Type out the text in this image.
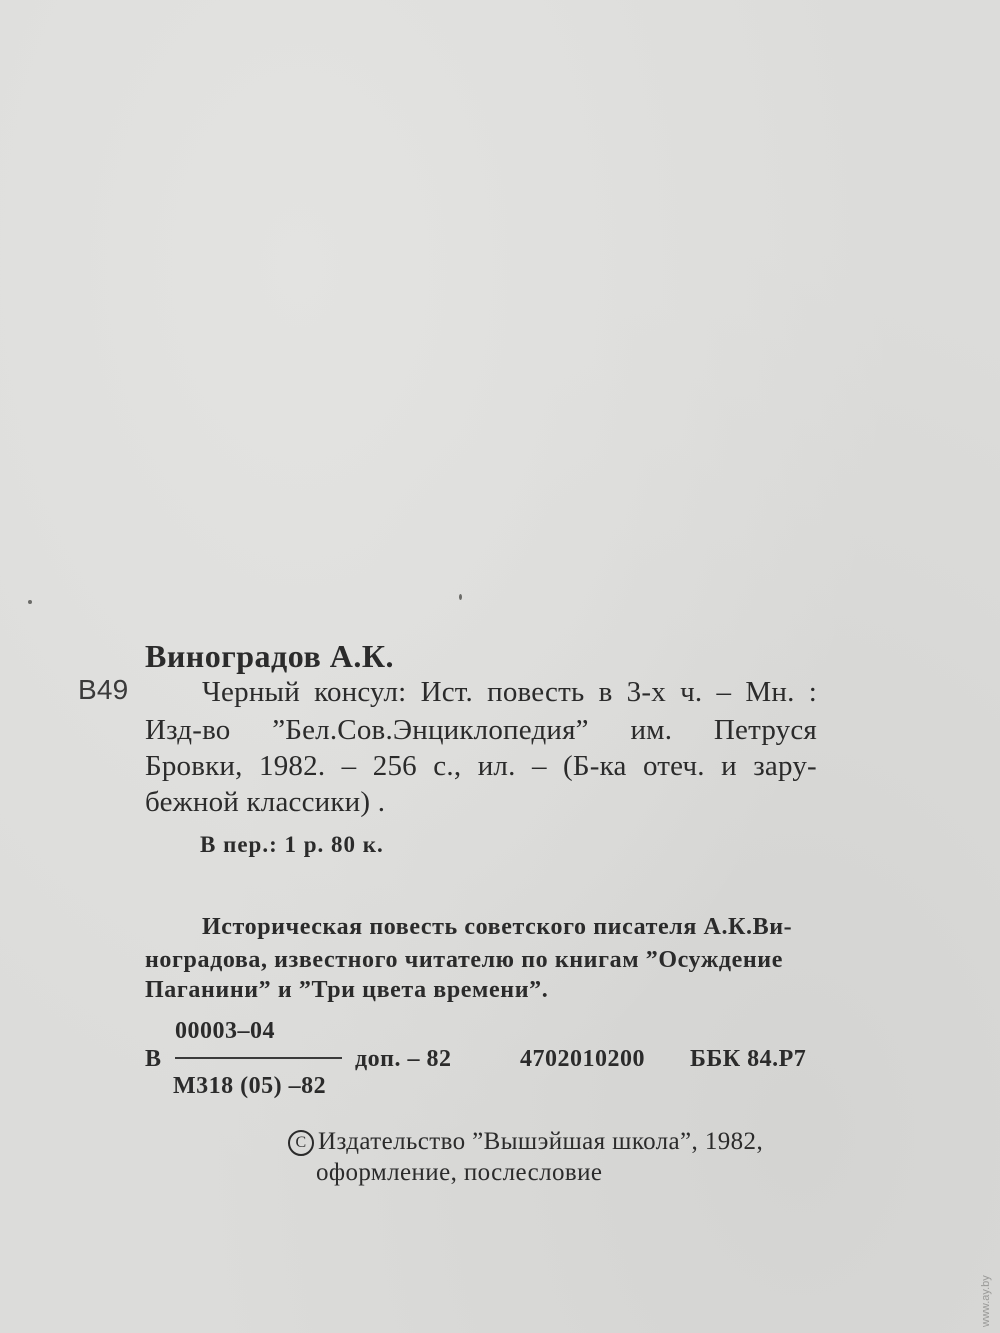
Виноградов А.К.
В49	Черный консул: Ист. повесть в 3-х ч. – Мн. :
Изд-во ”Бел.Сов.Энциклопедия” им. Петруся
Бровки, 1982. – 256 с., ил. – (Б-ка отеч. и зару-
бежной классики) .
В пер.: 1 р. 80 к.
Историческая повесть советского писателя А.К.Ви-
ноградова, известного читателю по книгам ”Осуждение
Паганини” и ”Три цвета времени”.
В
00003–04
М318 (05) –82
доп. – 82	4702010200 ББК 84.Р7
C Издательство ”Вышэйшая школа”, 1982,
оформление, послесловие
www.ay.by
